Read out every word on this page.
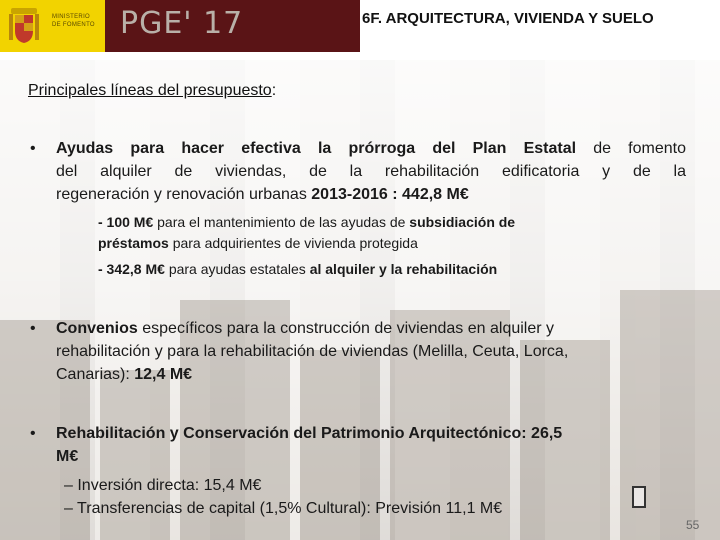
MINISTERIO
DE FOMENTO PGE' 17	6F. ARQUITECTURA, VIVIENDA Y SUELO
Principales líneas del presupuesto:
• Ayudas para hacer efectiva la prórroga del Plan Estatal de fomento
del alquiler de viviendas, de la rehabilitación edificatoria y de la
regeneración y renovación urbanas 2013-2016 : 442,8 M€
- 100 M€ para el mantenimiento de las ayudas de subsidiación de
préstamos para adquirientes de vivienda protegida
- 342,8 M€ para ayudas estatales al alquiler y la rehabilitación
• Convenios específicos para la construcción de viviendas en alquiler y
rehabilitación y para la rehabilitación de viviendas (Melilla, Ceuta, Lorca,
Canarias): 12,4 M€
• Rehabilitación y Conservación del Patrimonio Arquitectónico: 26,5
M€
– Inversión directa: 15,4 M€
– Transferencias de capital (1,5% Cultural): Previsión 11,1 M€
55
